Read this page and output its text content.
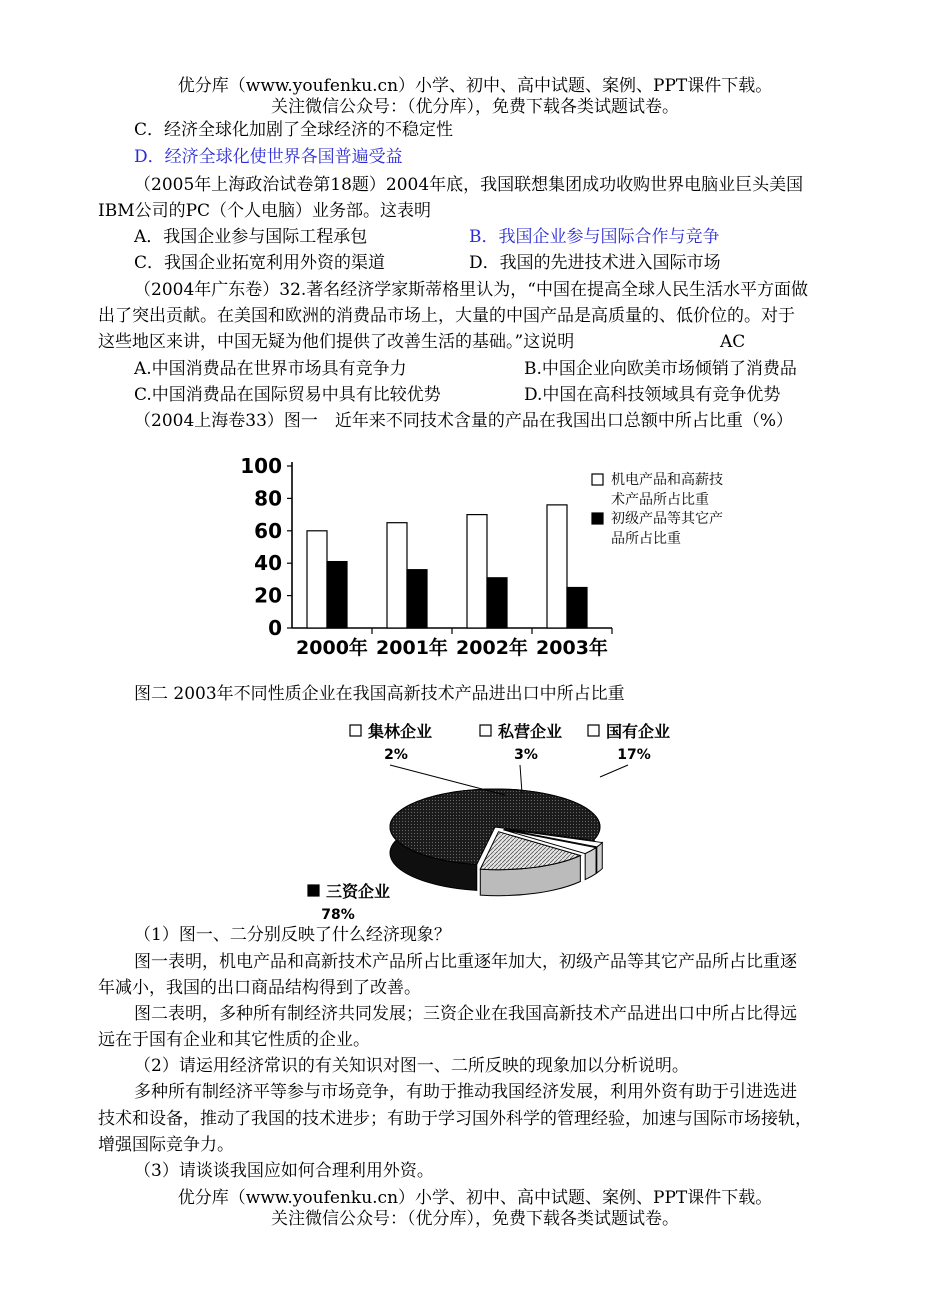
优分库（www.youfenku.cn）小学、初中、高中试题、案例、PPT课件下载。
关注微信公众号：（优分库），免费下载各类试题试卷。
C．经济全球化加剧了全球经济的不稳定性
D．经济全球化使世界各国普遍受益
（2005年上海政治试卷第18题）2004年底，我国联想集团成功收购世界电脑业巨头美国
IBM公司的PC（个人电脑）业务部。这表明
A．我国企业参与国际工程承包	B．我国企业参与国际合作与竞争
C．我国企业拓宽利用外资的渠道	D．我国的先进技术进入国际市场
（2004年广东卷）32.著名经济学家斯蒂格里认为，“中国在提高全球人民生活水平方面做
出了突出贡献。在美国和欧洲的消费品市场上，大量的中国产品是高质量的、低价位的。对于
这些地区来讲，中国无疑为他们提供了改善生活的基础。”这说明	AC
A.中国消费品在世界市场具有竞争力	B.中国企业向欧美市场倾销了消费品
C.中国消费品在国际贸易中具有比较优势	D.中国在高科技领域具有竞争优势
（2004上海卷33）图一　近年来不同技术含量的产品在我国出口总额中所占比重（%）
0
20
40
60
80
100
2000年 2001年 2002年 2003年
机电产品和高薪技
术产品所占比重
初级产品等其它产
品所占比重
图二 2003年不同性质企业在我国高新技术产品进出口中所占比重
三资企业
78%
集林企业
2%
私营企业
3%
国有企业
17%
（1）图一、二分别反映了什么经济现象？
图一表明，机电产品和高新技术产品所占比重逐年加大，初级产品等其它产品所占比重逐
年减小，我国的出口商品结构得到了改善。
图二表明，多种所有制经济共同发展；三资企业在我国高新技术产品进出口中所占比得远
远在于国有企业和其它性质的企业。
（2）请运用经济常识的有关知识对图一、二所反映的现象加以分析说明。
多种所有制经济平等参与市场竞争，有助于推动我国经济发展，利用外资有助于引进选进
技术和设备，推动了我国的技术进步；有助于学习国外科学的管理经验，加速与国际市场接轨，
增强国际竞争力。
（3）请谈谈我国应如何合理利用外资。
优分库（www.youfenku.cn）小学、初中、高中试题、案例、PPT课件下载。
关注微信公众号：（优分库），免费下载各类试题试卷。
